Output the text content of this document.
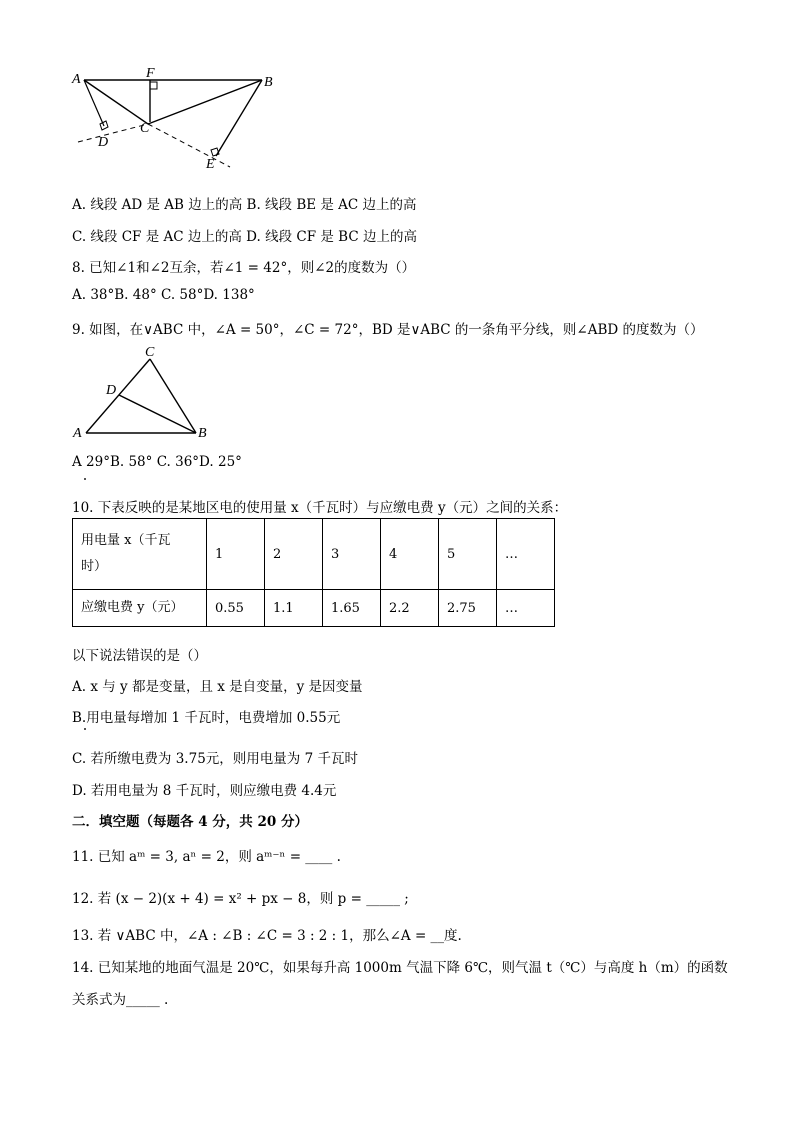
A	F
B
C
D
E
A. 线段 AD 是 AB 边上的高 B. 线段 BE 是 AC 边上的高
C. 线段 CF 是 AC 边上的高 D. 线段 CF 是 BC 边上的高
8. 已知∠1和∠2互余，若∠1 = 42°，则∠2的度数为（）
A. 38°B. 48° C. 58°D. 138°
9. 如图，在∨ABC 中，∠A = 50°，∠C = 72°，BD 是∨ABC 的一条角平分线，则∠ABD 的度数为（）
C
D
A	B
A 29°B. 58° C. 36°D. 25°
10. 下表反映的是某地区电的使用量 x（千瓦时）与应缴电费 y（元）之间的关系：
用电量 x（千瓦
时）	1	2	3	4	5	…
应缴电费 y（元）	0.55	1.1	1.65	2.2	2.75	…
以下说法错误的是（）
A. x 与 y 都是变量，且 x 是自变量，y 是因变量
B.用电量每增加 1 千瓦时，电费增加 0.55元
C. 若所缴电费为 3.75元，则用电量为 7 千瓦时
D. 若用电量为 8 千瓦时，则应缴电费 4.4元
二．填空题（每题各 4 分，共 20 分）
11. 已知 aᵐ = 3, aⁿ = 2，则 aᵐ⁻ⁿ = ____ .
12. 若 (x − 2)(x + 4) = x² + px − 8，则 p = _____ ;
13. 若 ∨ABC 中，∠A : ∠B : ∠C = 3 : 2 : 1，那么∠A = __度.
14. 已知某地的地面气温是 20℃，如果每升高 1000m 气温下降 6℃，则气温 t（℃）与高度 h（m）的函数
关系式为_____ .
